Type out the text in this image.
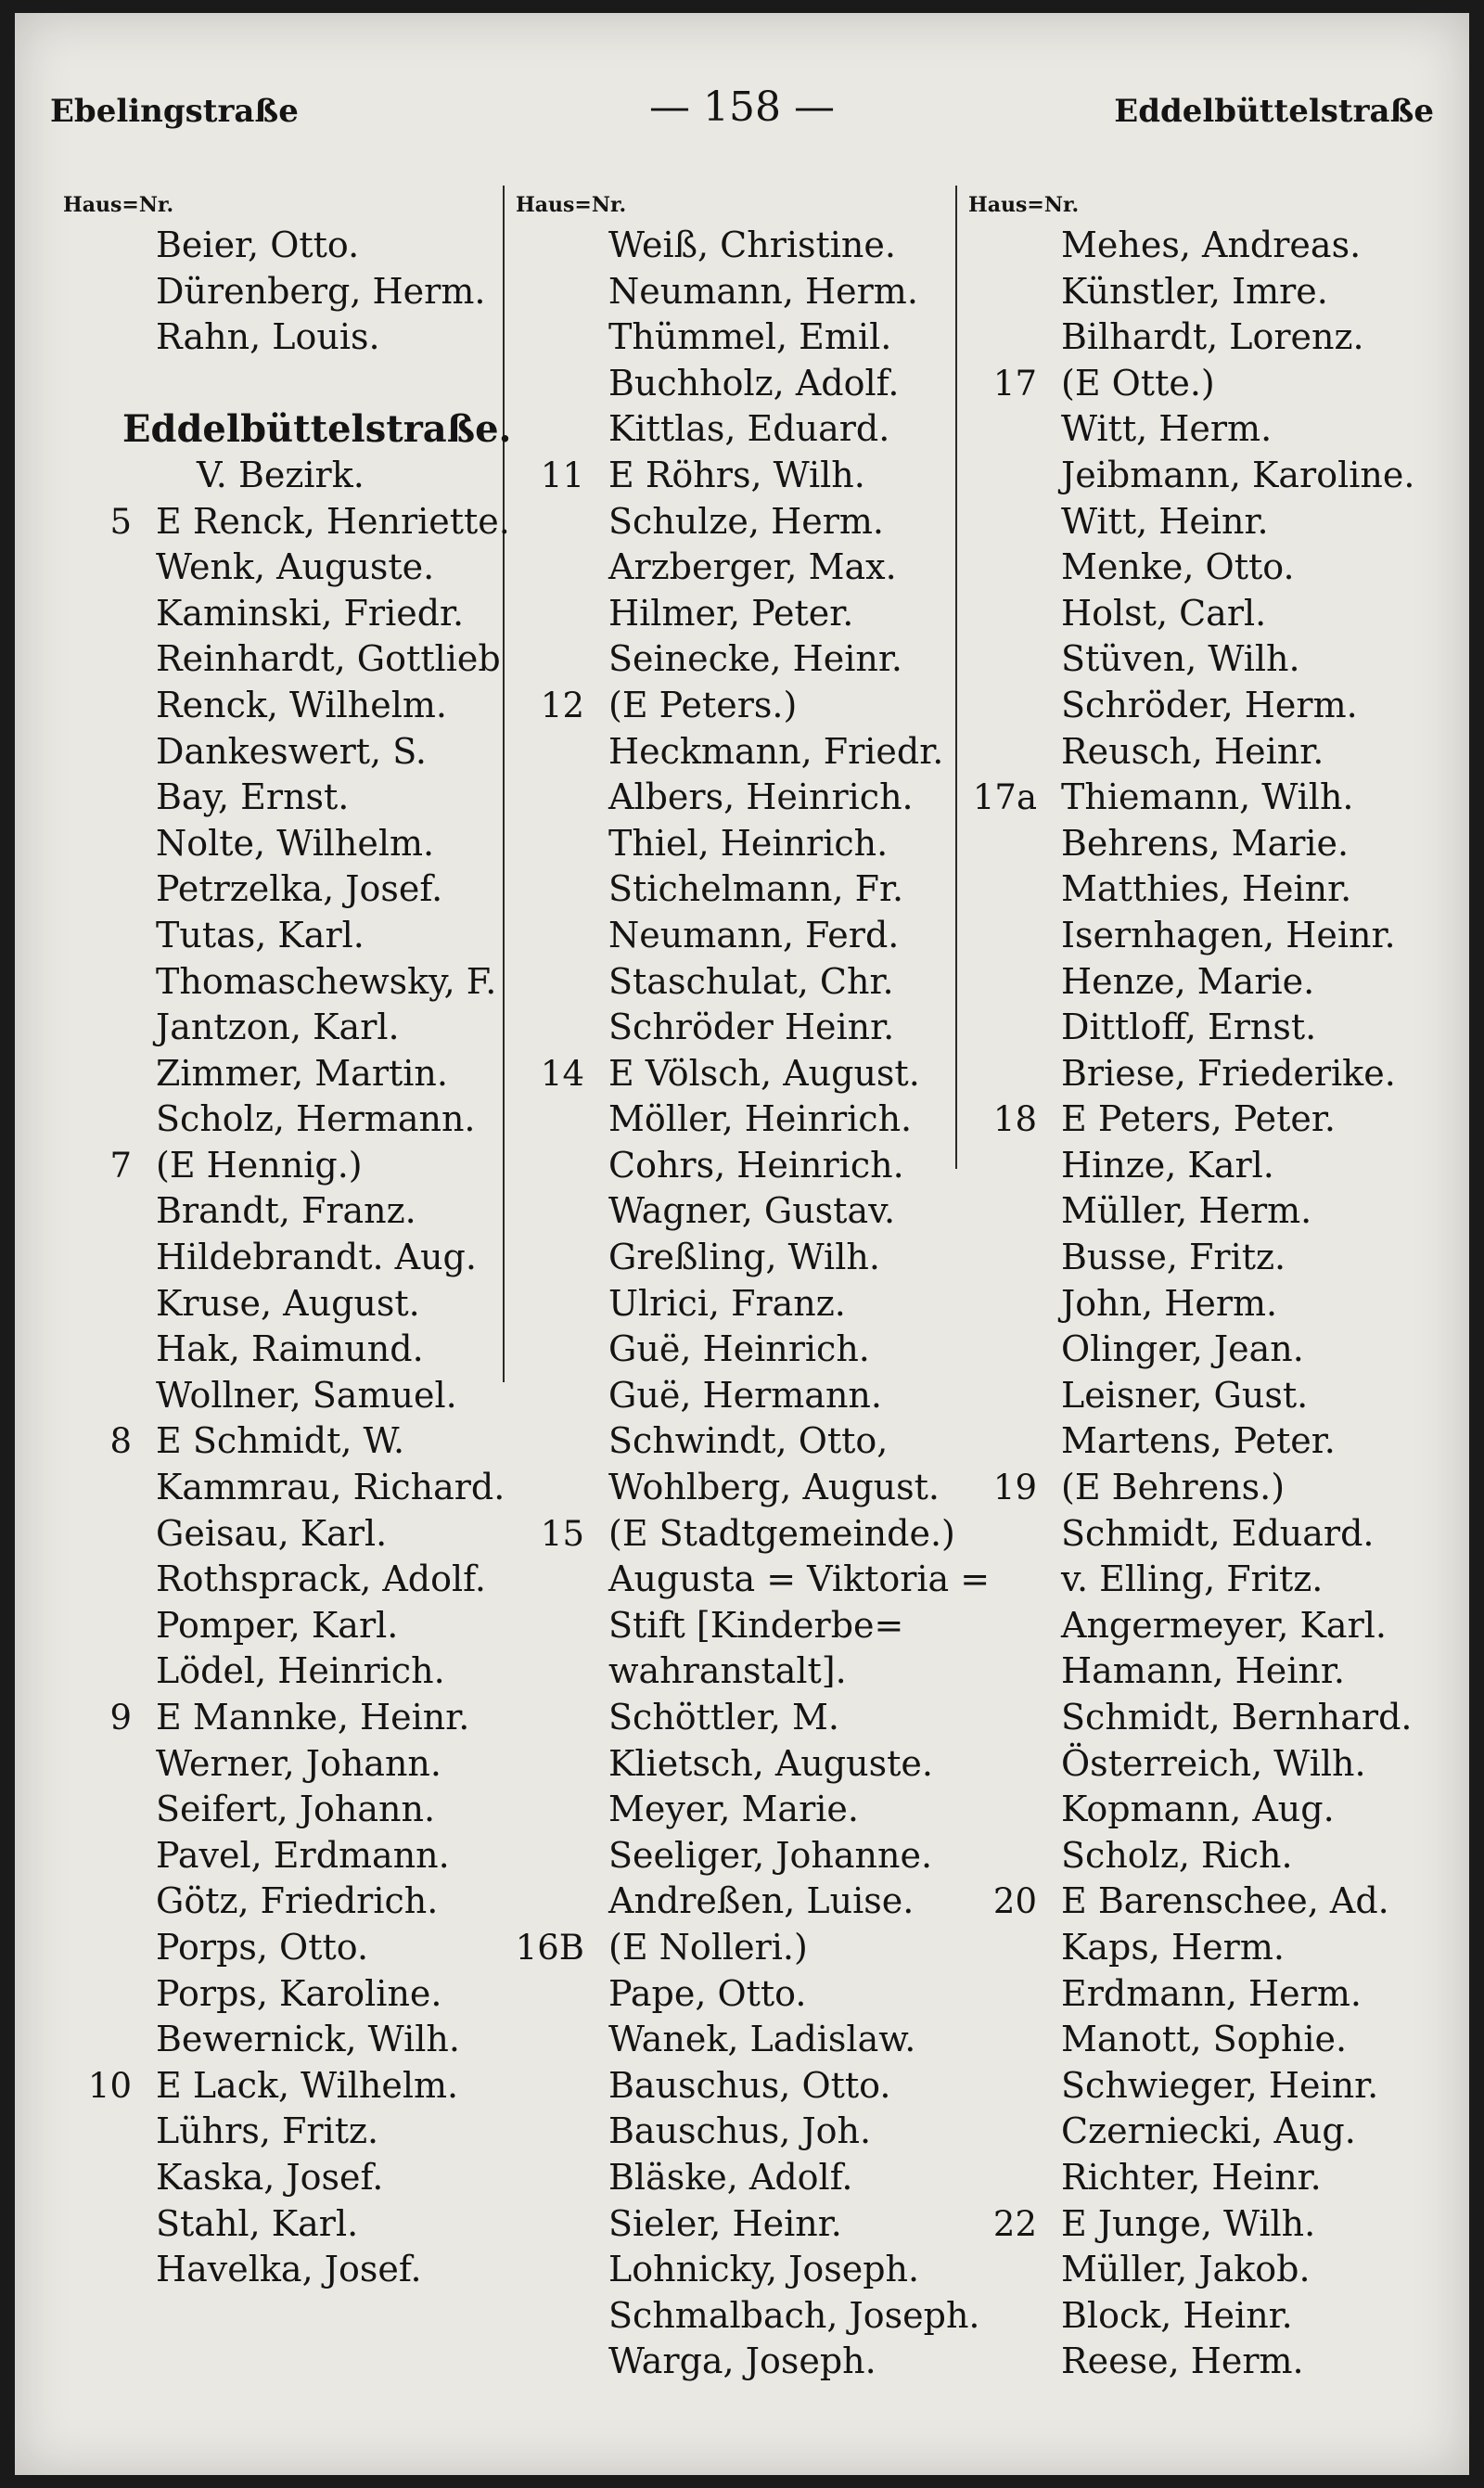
Ebelingstraße	— 158 —	Eddelbüttelstraße
Haus=Nr.
Beier, Otto.
Dürenberg, Herm.
Rahn, Louis.
Eddelbüttelstraße.
V. Bezirk.
5 E Renck, Henriette.
Wenk, Auguste.
Kaminski, Friedr.
Reinhardt, Gottlieb
Renck, Wilhelm.
Dankeswert, S.
Bay, Ernst.
Nolte, Wilhelm.
Petrzelka, Josef.
Tutas, Karl.
Thomaschewsky, F.
Jantzon, Karl.
Zimmer, Martin.
Scholz, Hermann.
7 (E Hennig.)
Brandt, Franz.
Hildebrandt. Aug.
Kruse, August.
Hak, Raimund.
Wollner, Samuel.
8 E Schmidt, W.
Kammrau, Richard.
Geisau, Karl.
Rothsprack, Adolf.
Pomper, Karl.
Lödel, Heinrich.
9 E Mannke, Heinr.
Werner, Johann.
Seifert, Johann.
Pavel, Erdmann.
Götz, Friedrich.
Porps, Otto.
Porps, Karoline.
Bewernick, Wilh.
10 E Lack, Wilhelm.
Lührs, Fritz.
Kaska, Josef.
Stahl, Karl.
Havelka, Josef.
Haus=Nr.
Weiß, Christine.
Neumann, Herm.
Thümmel, Emil.
Buchholz, Adolf.
Kittlas, Eduard.
11 E Röhrs, Wilh.
Schulze, Herm.
Arzberger, Max.
Hilmer, Peter.
Seinecke, Heinr.
12 (E Peters.)
Heckmann, Friedr.
Albers, Heinrich.
Thiel, Heinrich.
Stichelmann, Fr.
Neumann, Ferd.
Staschulat, Chr.
Schröder Heinr.
14 E Völsch, August.
Möller, Heinrich.
Cohrs, Heinrich.
Wagner, Gustav.
Greßling, Wilh.
Ulrici, Franz.
Guë, Heinrich.
Guë, Hermann.
Schwindt, Otto,
Wohlberg, August.
15 (E Stadtgemeinde.)
Augusta = Viktoria =
Stift [Kinderbe=
wahranstalt].
Schöttler, M.
Klietsch, Auguste.
Meyer, Marie.
Seeliger, Johanne.
Andreßen, Luise.
16B (E Nolleri.)
Pape, Otto.
Wanek, Ladislaw.
Bauschus, Otto.
Bauschus, Joh.
Bläske, Adolf.
Sieler, Heinr.
Lohnicky, Joseph.
Schmalbach, Joseph.
Warga, Joseph.
Haus=Nr.
Mehes, Andreas.
Künstler, Imre.
Bilhardt, Lorenz.
17 (E Otte.)
Witt, Herm.
Jeibmann, Karoline.
Witt, Heinr.
Menke, Otto.
Holst, Carl.
Stüven, Wilh.
Schröder, Herm.
Reusch, Heinr.
17a Thiemann, Wilh.
Behrens, Marie.
Matthies, Heinr.
Isernhagen, Heinr.
Henze, Marie.
Dittloff, Ernst.
Briese, Friederike.
18 E Peters, Peter.
Hinze, Karl.
Müller, Herm.
Busse, Fritz.
John, Herm.
Olinger, Jean.
Leisner, Gust.
Martens, Peter.
19 (E Behrens.)
Schmidt, Eduard.
v. Elling, Fritz.
Angermeyer, Karl.
Hamann, Heinr.
Schmidt, Bernhard.
Österreich, Wilh.
Kopmann, Aug.
Scholz, Rich.
20 E Barenschee, Ad.
Kaps, Herm.
Erdmann, Herm.
Manott, Sophie.
Schwieger, Heinr.
Czerniecki, Aug.
Richter, Heinr.
22 E Junge, Wilh.
Müller, Jakob.
Block, Heinr.
Reese, Herm.
